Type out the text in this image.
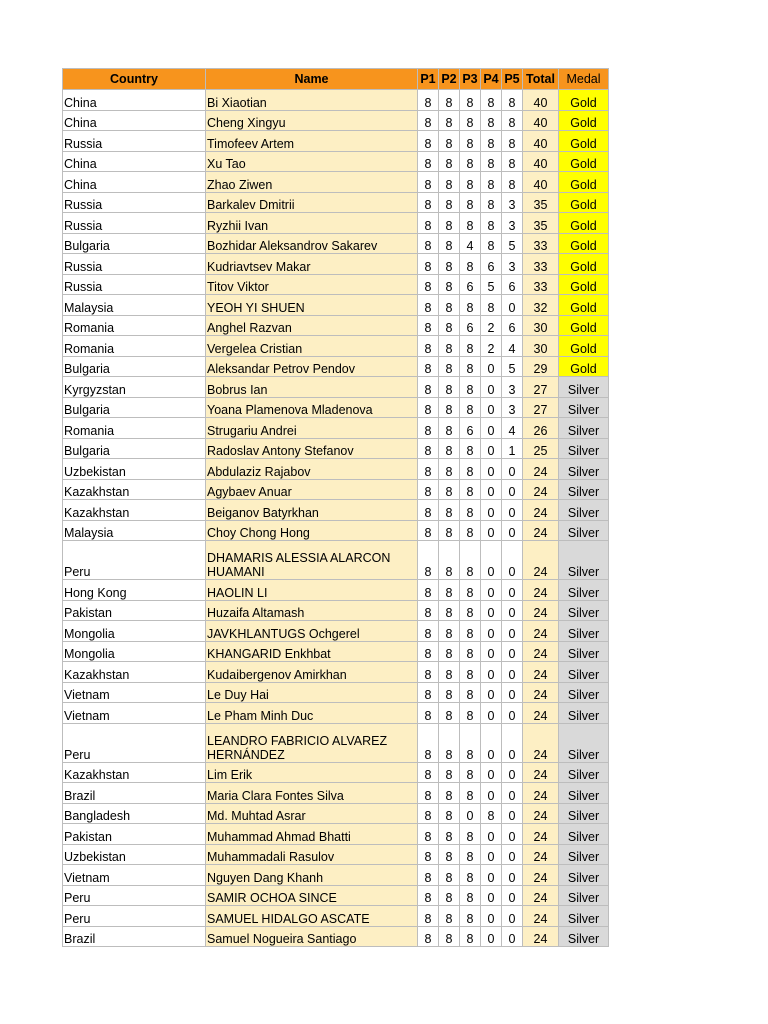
Country	Name	P1	P2	P3	P4	P5	Total	Medal
China	Bi Xiaotian	8	8	8	8	8	40	Gold
China	Cheng Xingyu	8	8	8	8	8	40	Gold
Russia	Timofeev Artem	8	8	8	8	8	40	Gold
China	Xu Tao	8	8	8	8	8	40	Gold
China	Zhao Ziwen	8	8	8	8	8	40	Gold
Russia	Barkalev Dmitrii	8	8	8	8	3	35	Gold
Russia	Ryzhii Ivan	8	8	8	8	3	35	Gold
Bulgaria	Bozhidar Aleksandrov Sakarev	8	8	4	8	5	33	Gold
Russia	Kudriavtsev Makar	8	8	8	6	3	33	Gold
Russia	Titov Viktor	8	8	6	5	6	33	Gold
Malaysia	YEOH YI SHUEN	8	8	8	8	0	32	Gold
Romania	Anghel Razvan	8	8	6	2	6	30	Gold
Romania	Vergelea Cristian	8	8	8	2	4	30	Gold
Bulgaria	Aleksandar Petrov Pendov	8	8	8	0	5	29	Gold
Kyrgyzstan	Bobrus Ian	8	8	8	0	3	27	Silver
Bulgaria	Yoana Plamenova Mladenova	8	8	8	0	3	27	Silver
Romania	Strugariu Andrei	8	8	6	0	4	26	Silver
Bulgaria	Radoslav Antony Stefanov	8	8	8	0	1	25	Silver
Uzbekistan	Abdulaziz Rajabov	8	8	8	0	0	24	Silver
Kazakhstan	Agybaev Anuar	8	8	8	0	0	24	Silver
Kazakhstan	Beiganov Batyrkhan	8	8	8	0	0	24	Silver
Malaysia	Choy Chong Hong	8	8	8	0	0	24	Silver
Peru	DHAMARIS ALESSIA ALARCON HUAMANI	8	8	8	0	0	24	Silver
Hong Kong	HAOLIN LI	8	8	8	0	0	24	Silver
Pakistan	Huzaifa Altamash	8	8	8	0	0	24	Silver
Mongolia	JAVKHLANTUGS Ochgerel	8	8	8	0	0	24	Silver
Mongolia	KHANGARID Enkhbat	8	8	8	0	0	24	Silver
Kazakhstan	Kudaibergenov Amirkhan	8	8	8	0	0	24	Silver
Vietnam	Le Duy Hai	8	8	8	0	0	24	Silver
Vietnam	Le Pham Minh Duc	8	8	8	0	0	24	Silver
Peru	LEANDRO FABRICIO ALVAREZ HERNÁNDEZ	8	8	8	0	0	24	Silver
Kazakhstan	Lim Erik	8	8	8	0	0	24	Silver
Brazil	Maria Clara Fontes Silva	8	8	8	0	0	24	Silver
Bangladesh	Md. Muhtad Asrar	8	8	0	8	0	24	Silver
Pakistan	Muhammad Ahmad Bhatti	8	8	8	0	0	24	Silver
Uzbekistan	Muhammadali Rasulov	8	8	8	0	0	24	Silver
Vietnam	Nguyen Dang Khanh	8	8	8	0	0	24	Silver
Peru	SAMIR OCHOA SINCE	8	8	8	0	0	24	Silver
Peru	SAMUEL HIDALGO ASCATE	8	8	8	0	0	24	Silver
Brazil	Samuel Nogueira Santiago	8	8	8	0	0	24	Silver
